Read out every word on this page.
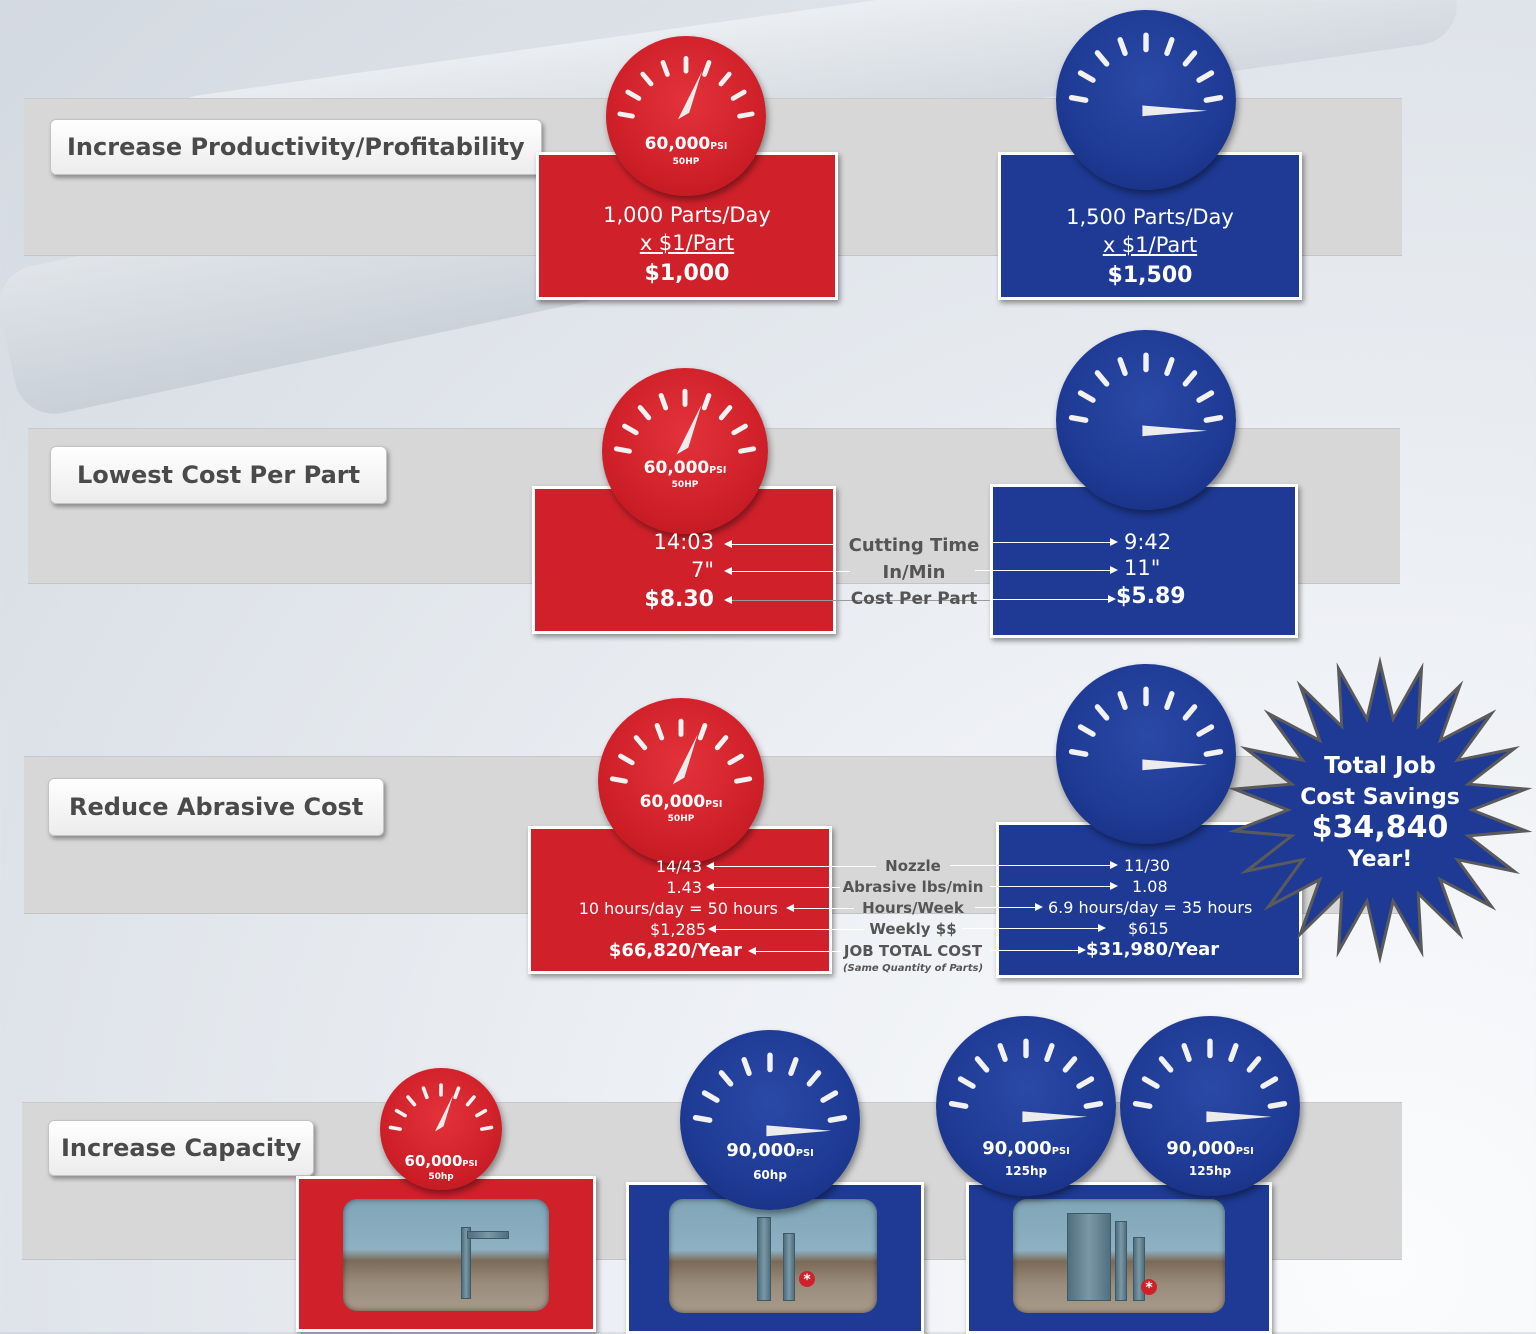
Increase Productivity/Profitability
1,000 Parts/Day
x $1/Part
$1,000
60,000PSI
50HP
1,500 Parts/Day
x $1/Part
$1,500
Lowest Cost Per Part	60,000PSI
50HP
14:03	Cutting Time	9:42
7"	In/Min	11"
$8.30	Cost Per Part	$5.89
Reduce Abrasive Cost	60,000PSI
50HP
14/43	Nozzle	11/30
1.43	Abrasive lbs/min	1.08
10 hours/day = 50 hours	Hours/Week	6.9 hours/day = 35 hours
$1,285	Weekly $$	$615
$66,820/Year	JOB TOTAL COST	$31,980/Year
(Same Quantity of Parts)
Total Job
Cost Savings
$34,840
Year!
Increase Capacity
*	*
60,000PSI
50hp
90,000PSI
60hp
90,000PSI
125hp
90,000PSI
125hp
